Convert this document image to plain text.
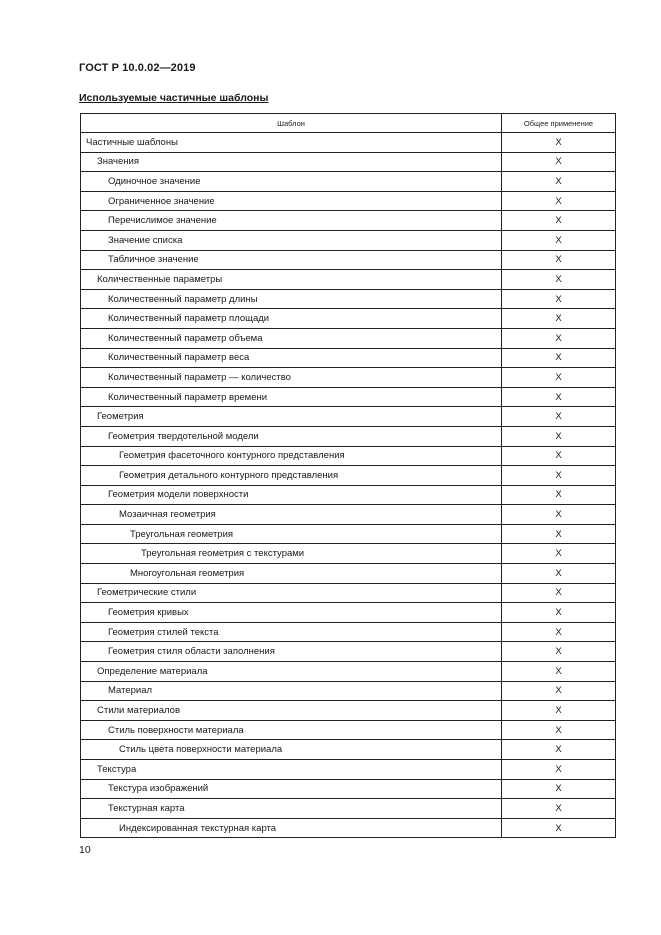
ГОСТ Р 10.0.02—2019
Используемые частичные шаблоны
Шаблон	Общее применение
Частичные шаблоны	X
Значения	X
Одиночное значение	X
Ограниченное значение	X
Перечислимое значение	X
Значение списка	X
Табличное значение	X
Количественные параметры	X
Количественный параметр длины	X
Количественный параметр площади	X
Количественный параметр объема	X
Количественный параметр веса	X
Количественный параметр — количество	X
Количественный параметр времени	X
Геометрия	X
Геометрия твердотельной модели	X
Геометрия фасеточного контурного представления	X
Геометрия детального контурного представления	X
Геометрия модели поверхности	X
Мозаичная геометрия	X
Треугольная геометрия	X
Треугольная геометрия с текстурами	X
Многоугольная геометрия	X
Геометрические стили	X
Геометрия кривых	X
Геометрия стилей текста	X
Геометрия стиля области заполнения	X
Определение материала	X
Материал	X
Стили материалов	X
Стиль поверхности материала	X
Стиль цвета поверхности материала	X
Текстура	X
Текстура изображений	X
Текстурная карта	X
Индексированная текстурная карта	X
10
